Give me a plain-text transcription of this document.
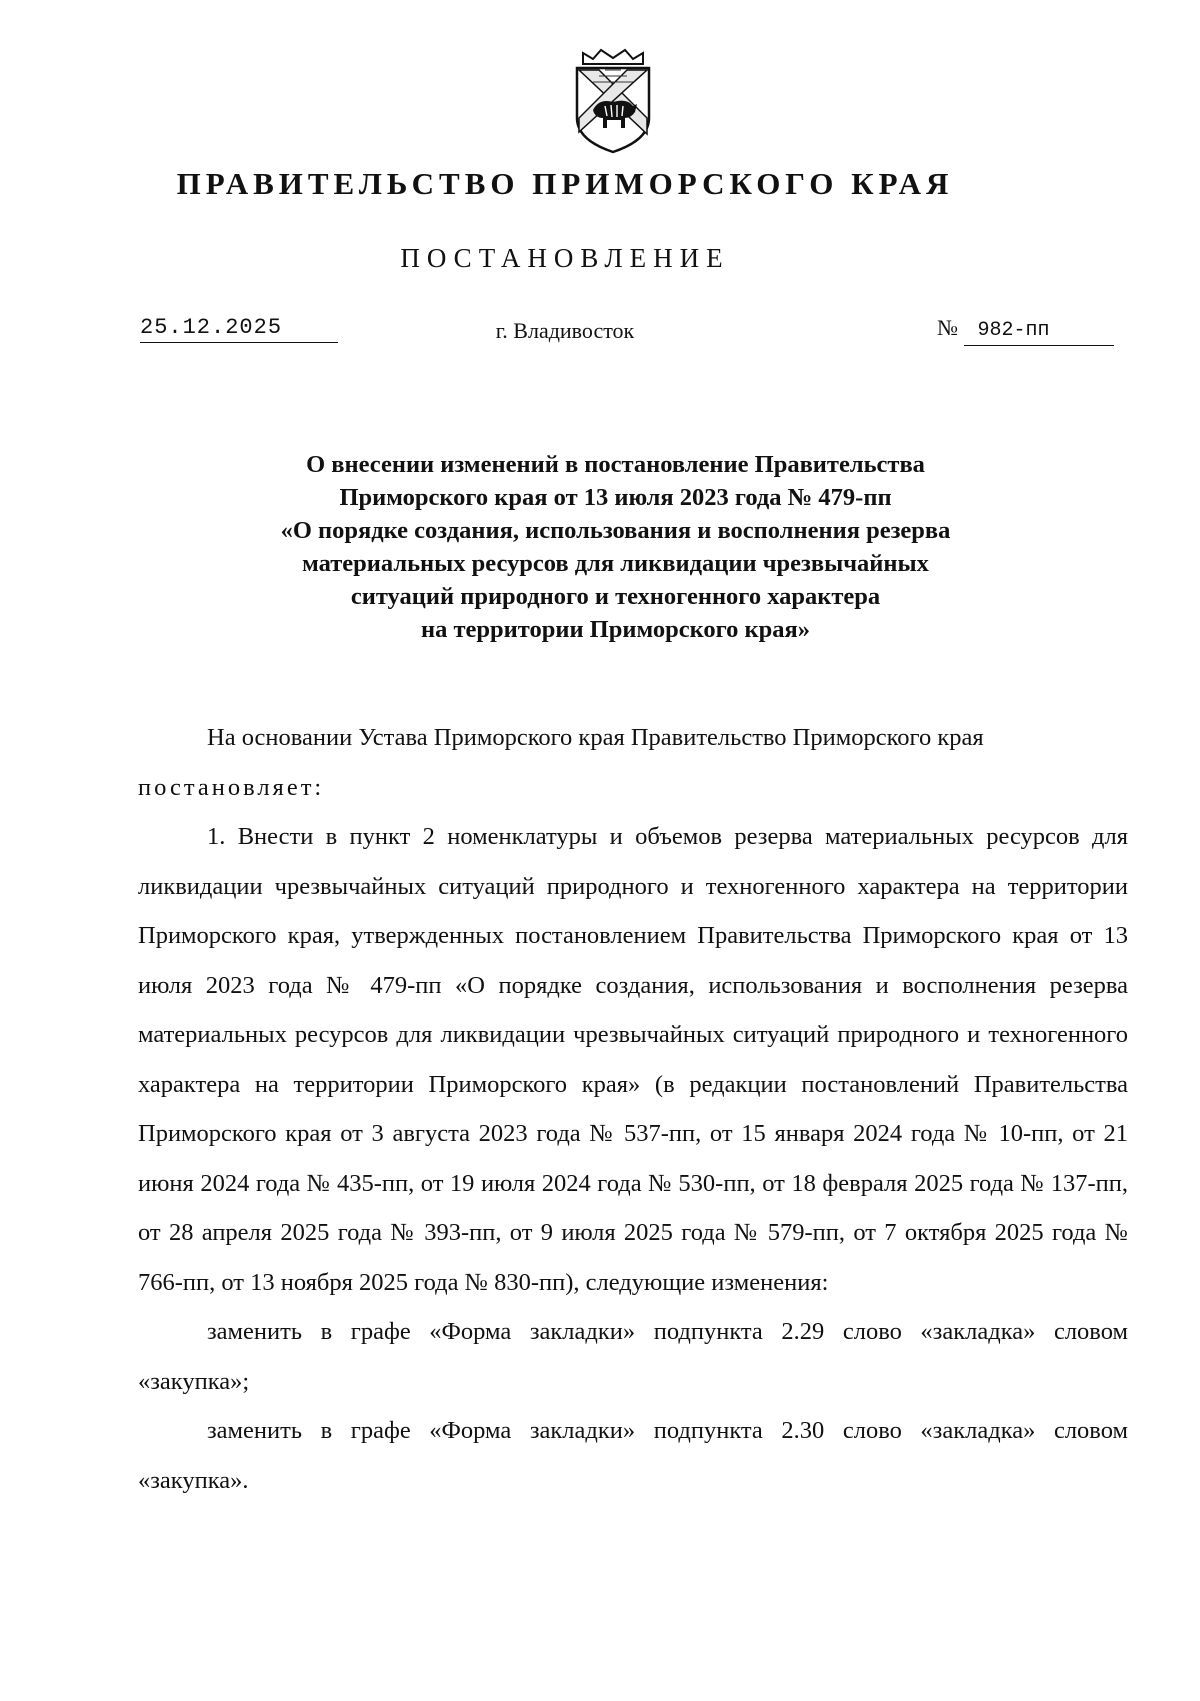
ПРАВИТЕЛЬСТВО ПРИМОРСКОГО КРАЯ
ПОСТАНОВЛЕНИЕ
25.12.2025	г. Владивосток	№ 982-пп
О внесении изменений в постановление Правительства
Приморского края от 13 июля 2023 года № 479-пп
«О порядке создания, использования и восполнения резерва
материальных ресурсов для ликвидации чрезвычайных
ситуаций природного и техногенного характера
на территории Приморского края»

На основании Устава Приморского края Правительство Приморского края

постановляет:

1. Внести в пункт 2 номенклатуры и объемов резерва материальных ресурсов для ликвидации чрезвычайных ситуаций природного и техногенного характера на территории Приморского края, утвержденных постановлением Правительства Приморского края от 13 июля 2023 года № 479-пп «О порядке создания, использования и восполнения резерва материальных ресурсов для ликвидации чрезвычайных ситуаций природного и техногенного характера на территории Приморского края» (в редакции постановлений Правительства Приморского края от 3 августа 2023 года № 537-пп, от 15 января 2024 года № 10-пп, от 21 июня 2024 года № 435-пп, от 19 июля 2024 года № 530-пп, от 18 февраля 2025 года № 137-пп, от 28 апреля 2025 года № 393-пп, от 9 июля 2025 года № 579-пп, от 7 октября 2025 года № 766-пп, от 13 ноября 2025 года № 830-пп), следующие изменения:

заменить в графе «Форма закладки» подпункта 2.29 слово «закладка» словом «закупка»;

заменить в графе «Форма закладки» подпункта 2.30 слово «закладка» словом «закупка».
